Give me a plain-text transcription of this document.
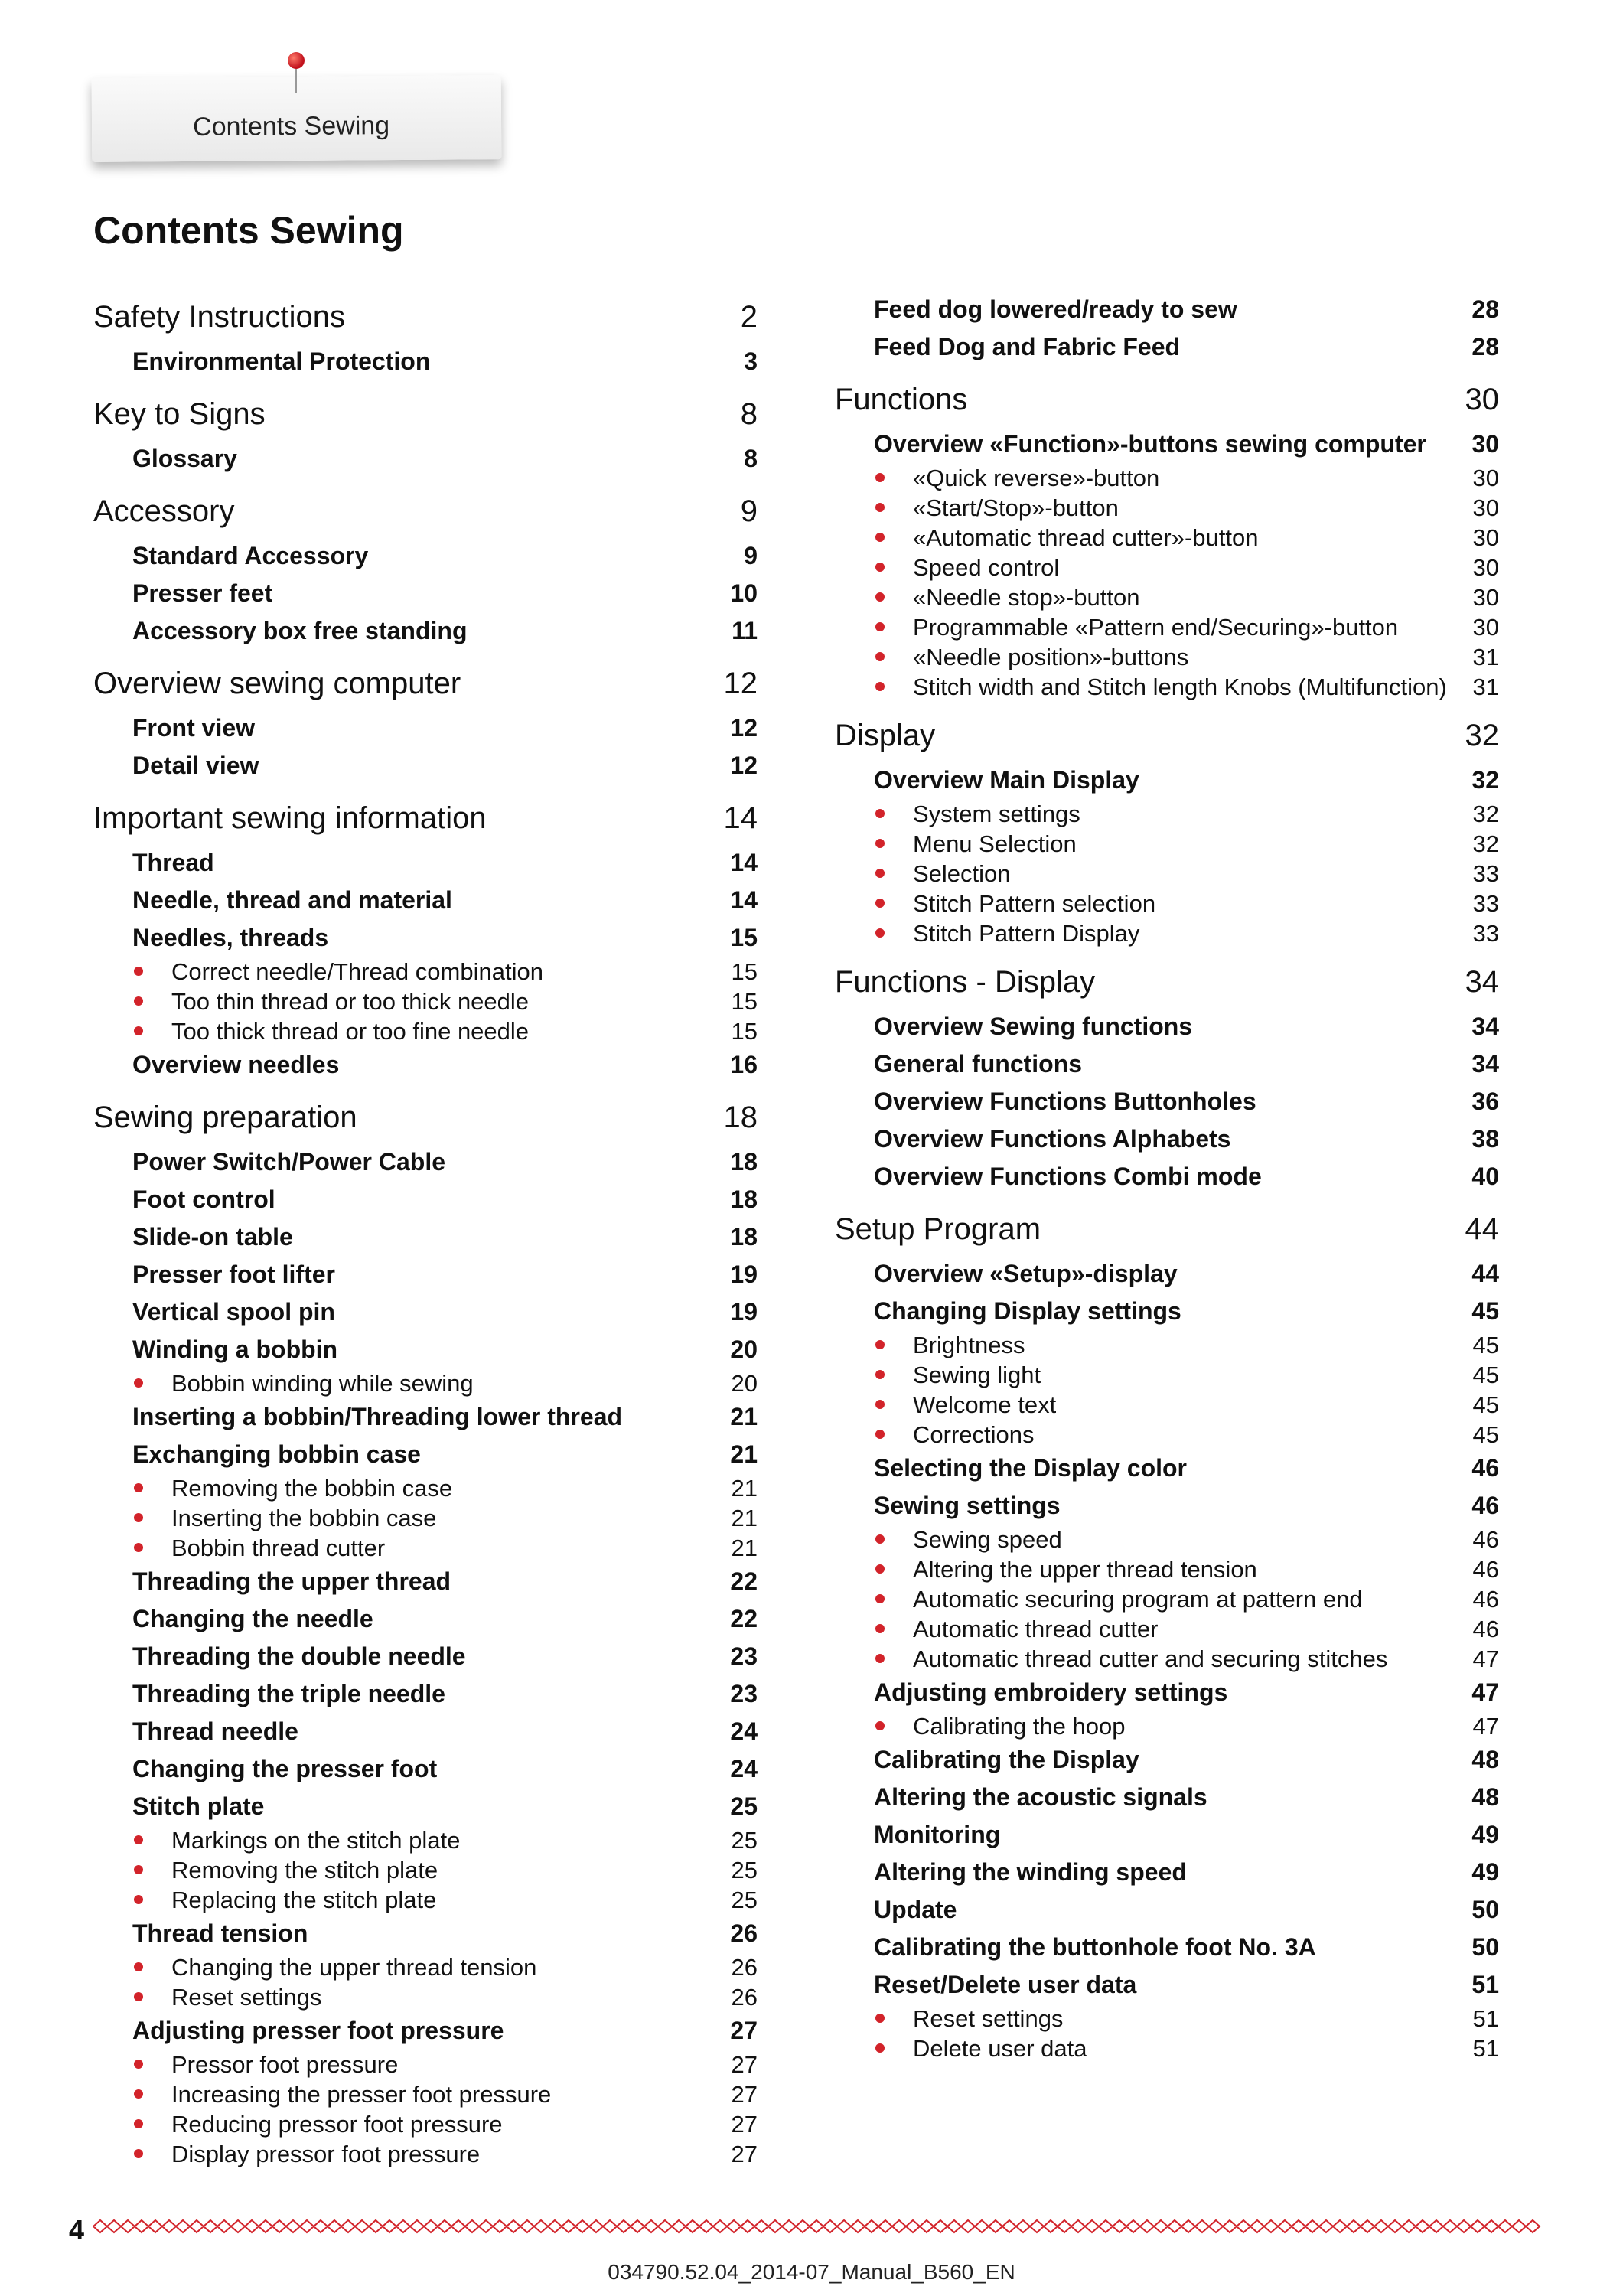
Contents Sewing
Contents Sewing
Safety Instructions	2
Environmental Protection	3
Key to Signs	8
Glossary	8
Accessory	9
Standard Accessory	9
Presser feet	10
Accessory box free standing	11
Overview sewing computer	12
Front view	12
Detail view	12
Important sewing information	14
Thread	14
Needle, thread and material	14
Needles, threads	15
Correct needle/Thread combination	15
Too thin thread or too thick needle	15
Too thick thread or too fine needle	15
Overview needles	16
Sewing preparation	18
Power Switch/Power Cable	18
Foot control	18
Slide-on table	18
Presser foot lifter	19
Vertical spool pin	19
Winding a bobbin	20
Bobbin winding while sewing	20
Inserting a bobbin/Threading lower thread	21
Exchanging bobbin case	21
Removing the bobbin case	21
Inserting the bobbin case	21
Bobbin thread cutter	21
Threading the upper thread	22
Changing the needle	22
Threading the double needle	23
Threading the triple needle	23
Thread needle	24
Changing the presser foot	24
Stitch plate	25
Markings on the stitch plate	25
Removing the stitch plate	25
Replacing the stitch plate	25
Thread tension	26
Changing the upper thread tension	26
Reset settings	26
Adjusting presser foot pressure	27
Pressor foot pressure	27
Increasing the presser foot pressure	27
Reducing pressor foot pressure	27
Display pressor foot pressure	27
Feed dog lowered/ready to sew	28
Feed Dog and Fabric Feed	28
Functions	30
Overview «Function»-buttons sewing computer 30
«Quick reverse»-button	30
«Start/Stop»-button	30
«Automatic thread cutter»-button	30
Speed control	30
«Needle stop»-button	30
Programmable «Pattern end/Securing»-button	30
«Needle position»-buttons	31
Stitch width and Stitch length Knobs (Multifunction) 31
Display	32
Overview Main Display	32
System settings	32
Menu Selection	32
Selection	33
Stitch Pattern selection	33
Stitch Pattern Display	33
Functions - Display	34
Overview Sewing functions	34
General functions	34
Overview Functions Buttonholes	36
Overview Functions Alphabets	38
Overview Functions Combi mode	40
Setup Program	44
Overview «Setup»-display	44
Changing Display settings	45
Brightness	45
Sewing light	45
Welcome text	45
Corrections	45
Selecting the Display color	46
Sewing settings	46
Sewing speed	46
Altering the upper thread tension	46
Automatic securing program at pattern end	46
Automatic thread cutter	46
Automatic thread cutter and securing stitches	47
Adjusting embroidery settings	47
Calibrating the hoop	47
Calibrating the Display	48
Altering the acoustic signals	48
Monitoring	49
Altering the winding speed	49
Update	50
Calibrating the buttonhole foot No. 3A	50
Reset/Delete user data	51
Reset settings	51
Delete user data	51
4
034790.52.04_2014-07_Manual_B560_EN
